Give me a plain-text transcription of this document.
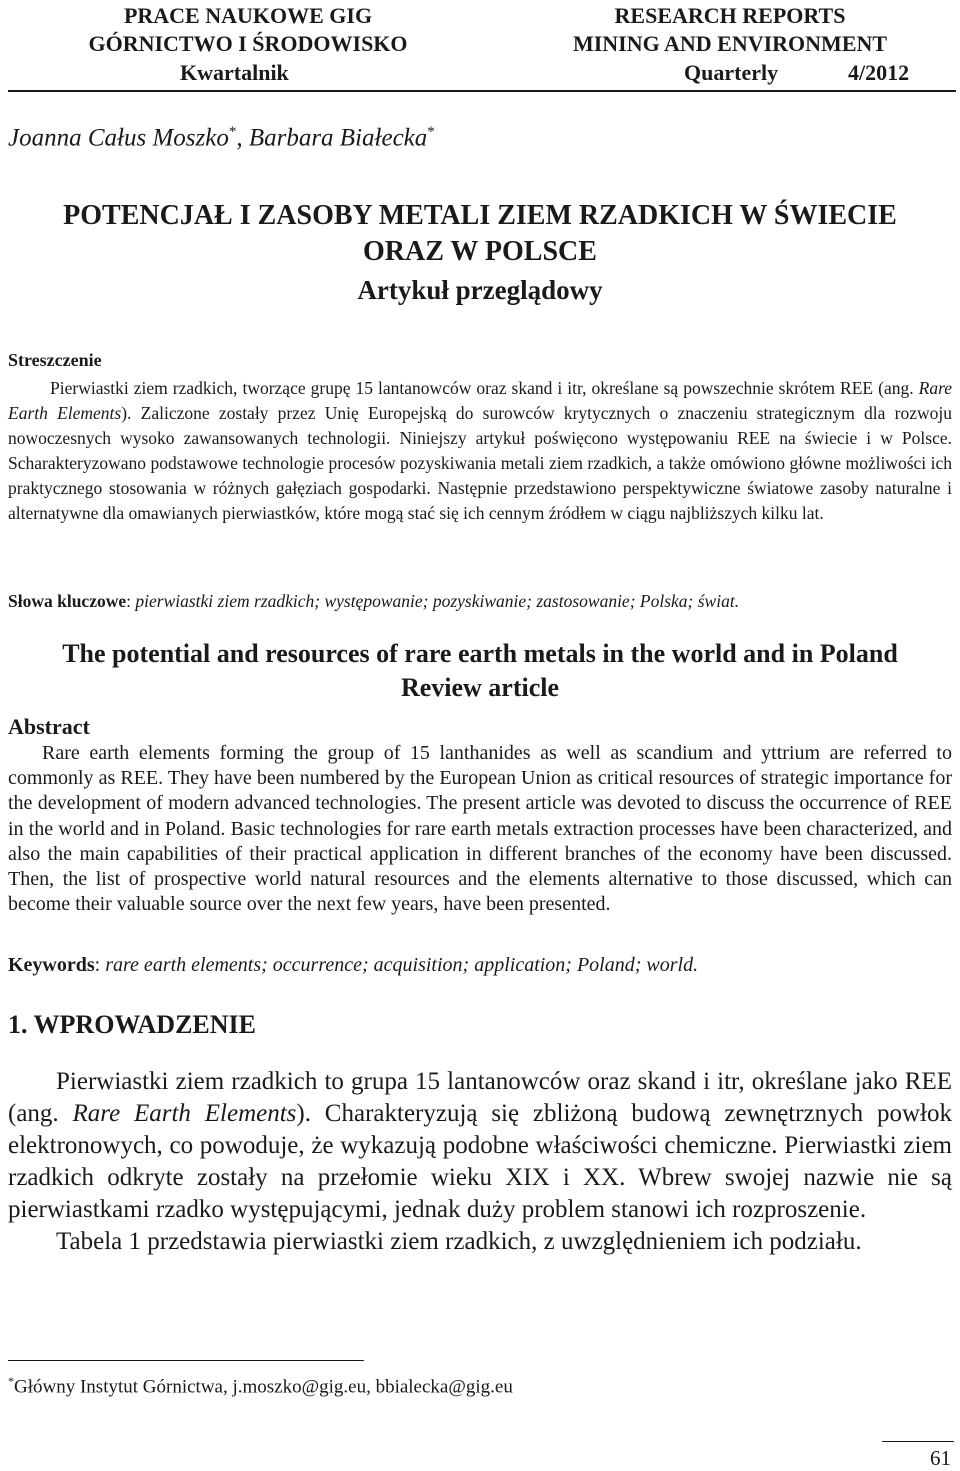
PRACE NAUKOWE GIG
GÓRNICTWO I ŚRODOWISKO
RESEARCH REPORTS
MINING AND ENVIRONMENT
Kwartalnik	Quarterly	4/2012
Joanna Całus Moszko*, Barbara Białecka*
POTENCJAŁ I ZASOBY METALI ZIEM RZADKICH W ŚWIECIE
ORAZ W POLSCE
Artykuł przeglądowy
Streszczenie

Pierwiastki ziem rzadkich, tworzące grupę 15 lantanowców oraz skand i itr, określane są powszechnie skrótem REE (ang. Rare Earth Elements). Zaliczone zostały przez Unię Europejską do surowców krytycznych o znaczeniu strategicznym dla rozwoju nowoczesnych wysoko zawansowanych technologii. Niniejszy artykuł poświęcono występowaniu REE na świecie i w Polsce. Scharakteryzowano podstawowe technologie procesów pozyskiwania metali ziem rzadkich, a także omówiono główne możliwości ich praktycznego stosowania w różnych gałęziach gospodarki. Następnie przedstawiono perspektywiczne światowe zasoby naturalne i alternatywne dla omawianych pierwiastków, które mogą stać się ich cennym źródłem w ciągu najbliższych kilku lat.

Słowa kluczowe: pierwiastki ziem rzadkich; występowanie; pozyskiwanie; zastosowanie; Polska; świat.
The potential and resources of rare earth metals in the world and in Poland
Review article
Abstract

Rare earth elements forming the group of 15 lanthanides as well as scandium and yttrium are referred to commonly as REE. They have been numbered by the European Union as critical resources of strategic importance for the development of modern advanced technologies. The present article was devoted to discuss the occurrence of REE in the world and in Poland. Basic technologies for rare earth metals extraction processes have been characterized, and also the main capabilities of their practical application in different branches of the economy have been discussed. Then, the list of prospective world natural resources and the elements alternative to those discussed, which can become their valuable source over the next few years, have been presented.

Keywords: rare earth elements; occurrence; acquisition; application; Poland; world.
1. WPROWADZENIE

Pierwiastki ziem rzadkich to grupa 15 lantanowców oraz skand i itr, określane jako REE (ang. Rare Earth Elements). Charakteryzują się zbliżoną budową zewnętrznych powłok elektronowych, co powoduje, że wykazują podobne właściwości chemiczne. Pierwiastki ziem rzadkich odkryte zostały na przełomie wieku XIX i XX. Wbrew swojej nazwie nie są pierwiastkami rzadko występującymi, jednak duży problem stanowi ich rozproszenie.

Tabela 1 przedstawia pierwiastki ziem rzadkich, z uwzględnieniem ich podziału.

*Główny Instytut Górnictwa, j.moszko@gig.eu, bbialecka@gig.eu
61
